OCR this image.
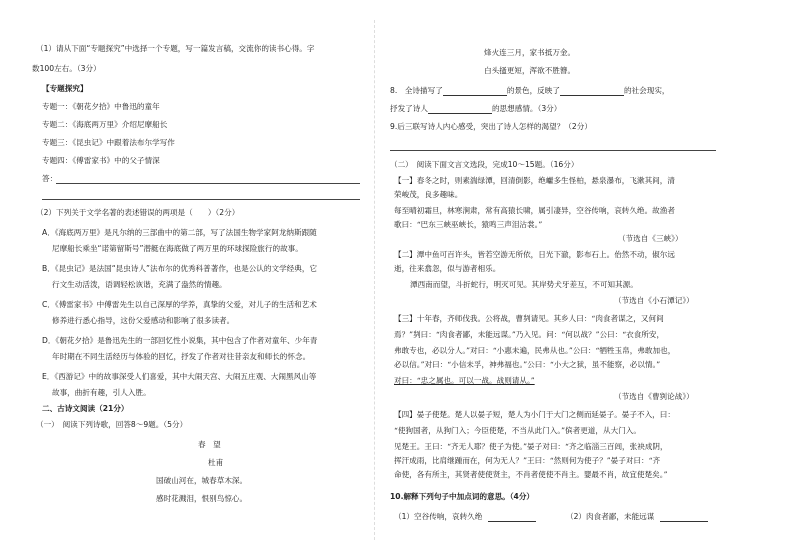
（1）请从下面“专题探究”中选择一个专题，写一篇发言稿，交流你的读书心得。字
数100左右。（3分）
【专题探究】
专题一：《朝花夕拾》中鲁迅的童年
专题二：《海底两万里》介绍尼摩船长
专题三：《昆虫记》中跟着法布尔学写作
专题四：《傅雷家书》中的父子情深
答：
（2）下列关于文学名著的表述错误的两项是（　　）（2分）
A．《海底两万里》是凡尔纳的三部曲中的第二部，写了法国生物学家阿龙纳斯跟随
尼摩船长乘坐“诺第留斯号”潜艇在海底做了两万里的环球探险旅行的故事。
B．《昆虫记》是法国“昆虫诗人”法布尔的优秀科普著作，也是公认的文学经典，它
行文生动活泼，语调轻松诙谐，充满了盎然的情趣。
C．《傅雷家书》中傅雷先生以自己深厚的学养，真挚的父爱，对儿子的生活和艺术
修养进行悉心指导，这份父爱感动和影响了很多读者。
D．《朝花夕拾》是鲁迅先生的一部回忆性小说集，其中包含了作者对童年、少年青
年时期在不同生活经历与体验的回忆，抒发了作者对往昔亲友和师长的怀念。
E．《西游记》中的故事深受人们喜爱，其中大闹天宫、大闹五庄观、大闹黑风山等
故事，曲折有趣，引人入胜。
二、古诗文阅读（21分）
（一）　阅读下列诗歌，回答8～9题。（5分）
春　望
杜甫
国破山河在，城春草木深。
感时花溅泪，恨别鸟惊心。
烽火连三月，家书抵万金。
白头搔更短，浑欲不胜簪。
8.　全诗描写了	的景色，反映了	的社会现实，
抒发了诗人	的思想感情。（3分）
9.后三联写诗人内心感受，突出了诗人怎样的渴望？（2分）
（二）　阅读下面文言文选段，完成10～15题。（16分）
【一】春冬之时，则素湍绿潭，回清倒影，绝巘多生怪柏，悬泉瀑布，飞漱其间，清
荣峻茂，良多趣味。
每至晴初霜旦，林寒涧肃，常有高猿长啸，属引凄异，空谷传响，哀转久绝。故渔者
歌曰：“巴东三峡巫峡长，猿鸣三声泪沾裳。”
（节选自《三峡》）
【二】潭中鱼可百许头，皆若空游无所依，日光下澈，影布石上。佁然不动，俶尔远
逝，往来翕忽，似与游者相乐。
潭西南而望，斗折蛇行，明灭可见。其岸势犬牙差互，不可知其源。
（节选自《小石潭记》）
【三】十年春，齐师伐我。公将战，曹刿请见。其乡人曰：“肉食者谋之，又何间
焉？”刿曰：“肉食者鄙，未能远谋。”乃入见。问：“何以战？”公曰：“衣食所安，
弗敢专也，必以分人。”对曰：“小惠未遍，民弗从也。”公曰：“牺牲玉帛，弗敢加也，
必以信。”对曰：“小信未孚，神弗福也。”公曰：“小大之狱，虽不能察，必以情。”
对曰：“忠之属也。可以一战。战则请从。”
（节选自《曹刿论战》）
【四】晏子使楚。楚人以晏子短，楚人为小门于大门之侧而延晏子。晏子不入，曰：
“使狗国者，从狗门入；今臣使楚，不当从此门入。”傧者更道，从大门入。
见楚王。王曰：“齐无人耶？使子为使。”晏子对曰：“齐之临淄三百闾，张袂成阴，
挥汗成雨，比肩继踵而在，何为无人？”王曰：“然则何为使子？”晏子对曰：“齐
命使，各有所主，其贤者使使贤主，不肖者使使不肖主。婴最不肖，故宜使楚矣。”
10.解释下列句子中加点词的意思。（4分）
（1）空谷传响，哀转久绝	（2）肉食者鄙，未能远谋
